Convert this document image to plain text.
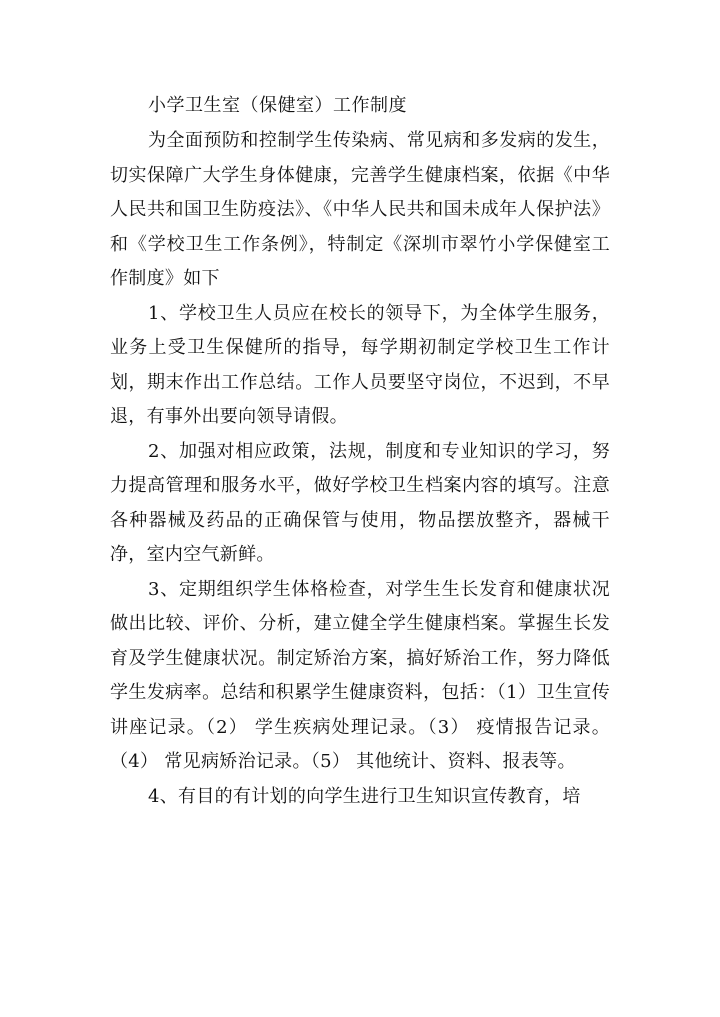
小学卫生室（保健室）工作制度

为全面预防和控制学生传染病、常见病和多发病的发生，切实保障广大学生身体健康，完善学生健康档案，依据《中华人民共和国卫生防疫法》、《中华人民共和国未成年人保护法》和《学校卫生工作条例》，特制定《深圳市翠竹小学保健室工作制度》如下

1、学校卫生人员应在校长的领导下，为全体学生服务，业务上受卫生保健所的指导，每学期初制定学校卫生工作计划，期末作出工作总结。工作人员要坚守岗位，不迟到，不早退，有事外出要向领导请假。

2、加强对相应政策，法规，制度和专业知识的学习，努力提高管理和服务水平，做好学校卫生档案内容的填写。注意各种器械及药品的正确保管与使用，物品摆放整齐，器械干净，室内空气新鲜。

3、定期组织学生体格检查，对学生生长发育和健康状况做出比较、评价、分析，建立健全学生健康档案。掌握生长发育及学生健康状况。制定矫治方案，搞好矫治工作，努力降低学生发病率。总结和积累学生健康资料，包括：（1）卫生宣传讲座记录。（2） 学生疾病处理记录。（3） 疫情报告记录。（4） 常见病矫治记录。（5） 其他统计、资料、报表等。

4、有目的有计划的向学生进行卫生知识宣传教育，培
